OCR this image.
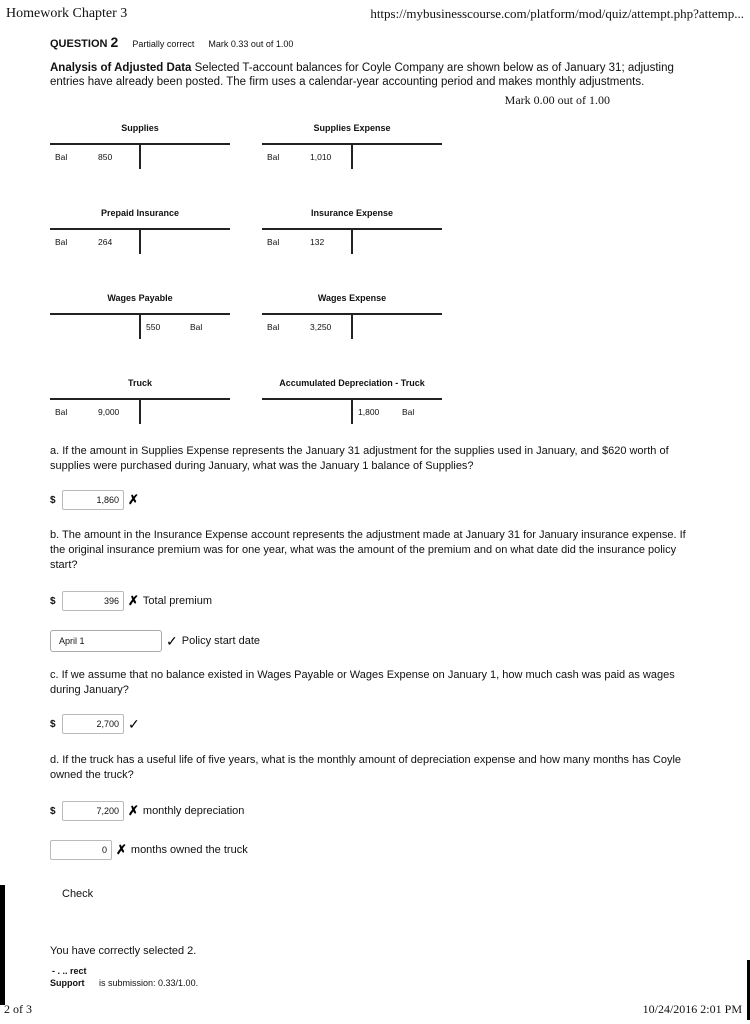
Homework Chapter 3	https://mybusinesscourse.com/platform/mod/quiz/attempt.php?attemp...
QUESTION 2 Partially correct Mark 0.33 out of 1.00
Analysis of Adjusted Data Selected T-account balances for Coyle Company are shown below as of January 31; adjusting entries have already been posted. The firm uses a calendar-year accounting period and makes monthly adjustments.
Mark 0.00 out of 1.00
Supplies
Bal	850
Supplies Expense
Bal	1,010
Prepaid Insurance
Bal	264
Insurance Expense
Bal	132
Wages Payable
550	Bal
Wages Expense
Bal	3,250
Truck
Bal	9,000
Accumulated Depreciation - Truck
1,800	Bal
a. If the amount in Supplies Expense represents the January 31 adjustment for the supplies used in January, and $620 worth of supplies were purchased during January, what was the January 1 balance of Supplies?
$	1,860 ✗
b. The amount in the Insurance Expense account represents the adjustment made at January 31 for January insurance expense. If the original insurance premium was for one year, what was the amount of the premium and on what date did the insurance policy start?
$	396 ✗ Total premium
April 1	✓ Policy start date
c. If we assume that no balance existed in Wages Payable or Wages Expense on January 1, how much cash was paid as wages during January?
$	2,700 ✓
d. If the truck has a useful life of five years, what is the monthly amount of depreciation expense and how many months has Coyle owned the truck?
$	7,200 ✗ monthly depreciation
0 ✗ months owned the truck
Check
You have correctly selected 2.
- . .. rect
Support is submission: 0.33/1.00.
2 of 3	10/24/2016 2:01 PM
